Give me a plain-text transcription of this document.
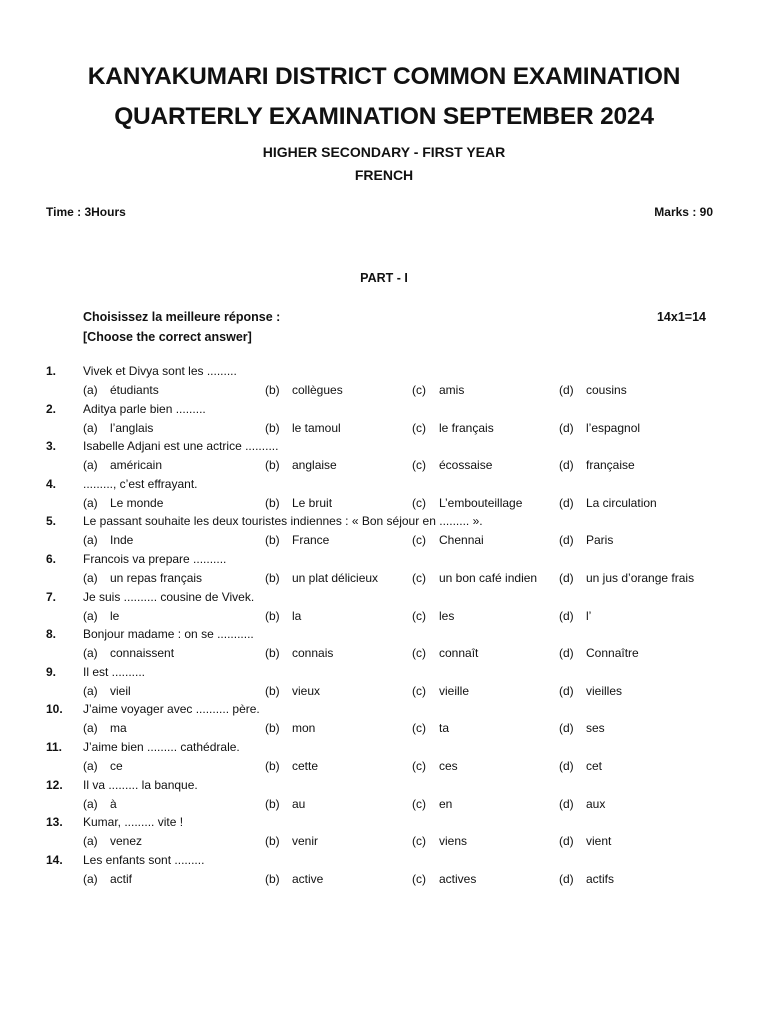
KANYAKUMARI DISTRICT COMMON EXAMINATION
QUARTERLY EXAMINATION SEPTEMBER 2024
HIGHER SECONDARY - FIRST YEAR
FRENCH
Time : 3Hours	Marks : 90
PART - I
Choisissez la meilleure réponse :
[Choose the correct answer]
14x1=14
1. Vivek et Divya sont les .........
(a) étudiants	(b) collègues	(c) amis	(d) cousins
2. Aditya parle bien .........
(a) l’anglais	(b) le tamoul	(c) le français	(d) l’espagnol
3. Isabelle Adjani est une actrice ..........
(a) américain	(b) anglaise	(c) écossaise	(d) française
4. ........., c’est effrayant.
(a) Le monde	(b) Le bruit	(c) L’embouteillage	(d) La circulation
5. Le passant souhaite les deux touristes indiennes : « Bon séjour en ......... ».
(a) Inde	(b) France	(c) Chennai	(d) Paris
6. Francois va prepare ..........
(a) un repas français	(b) un plat délicieux	(c) un bon café indien (d) un jus d’orange frais
7. Je suis .......... cousine de Vivek.
(a) le	(b) la	(c) les	(d) l’
8. Bonjour madame : on se ...........
(a) connaissent	(b) connais	(c) connaît	(d) Connaître
9. Il est ..........
(a) vieil	(b) vieux	(c) vieille	(d) vieilles
10. J’aime voyager avec .......... père.
(a) ma	(b) mon	(c) ta	(d) ses
11. J’aime bien ......... cathédrale.
(a) ce	(b) cette	(c) ces	(d) cet
12. Il va ......... la banque.
(a) à	(b) au	(c) en	(d) aux
13. Kumar, ......... vite !
(a) venez	(b) venir	(c) viens	(d) vient
14. Les enfants sont .........
(a) actif	(b) active	(c) actives	(d) actifs
